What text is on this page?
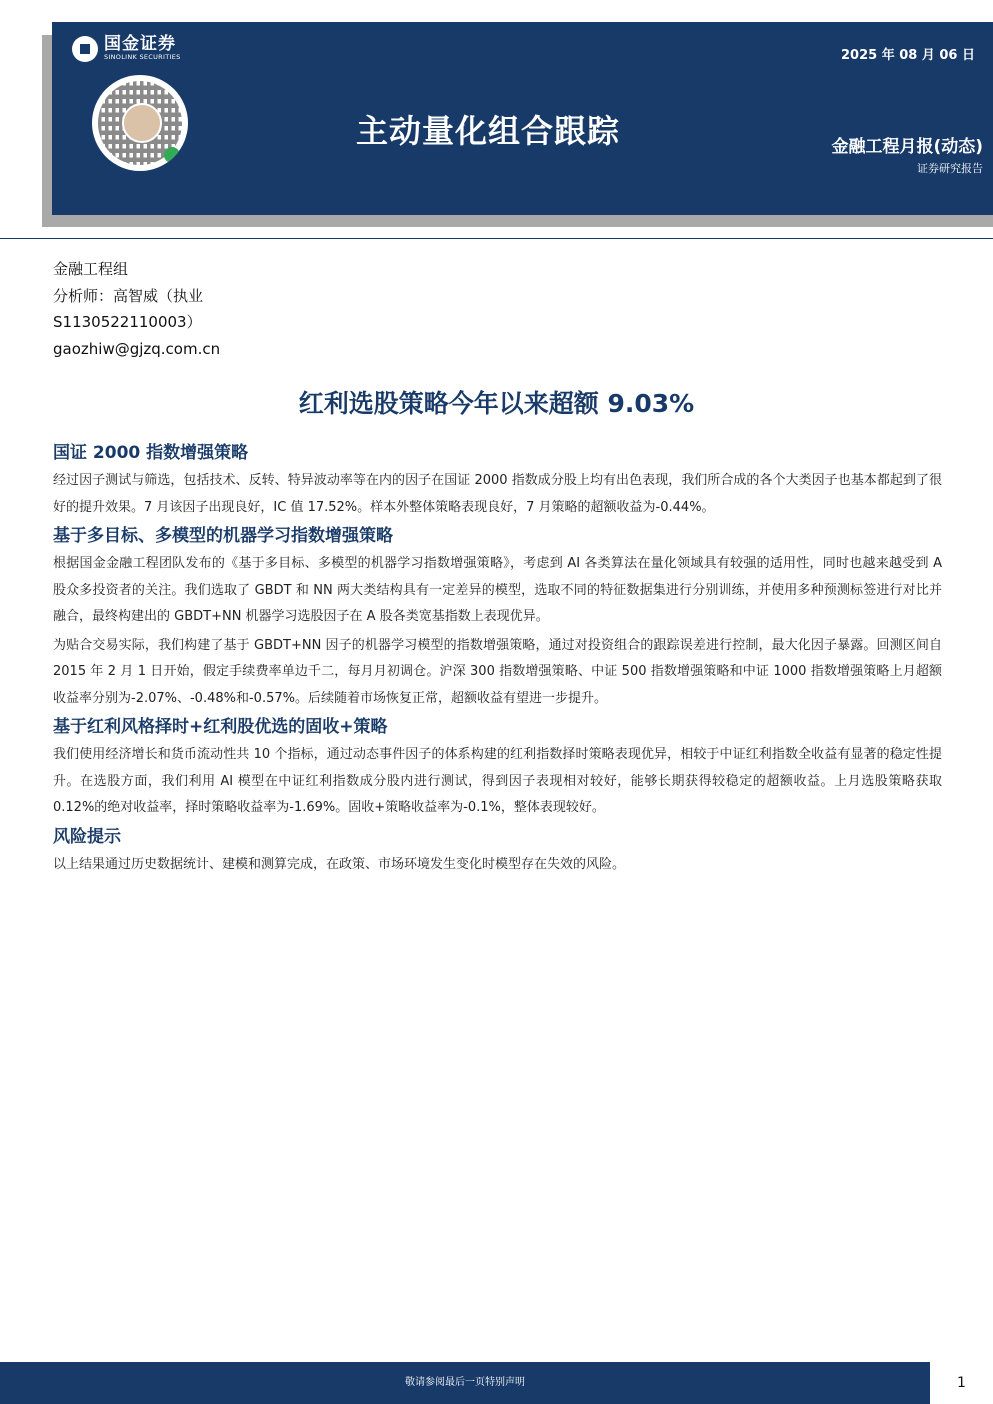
国金证券
SINOLINK SECURITIES	2025 年 08 月 06 日
主动量化组合跟踪	金融工程月报(动态)
证券研究报告
金融工程组
分析师：高智威（执业
S1130522110003）
gaozhiw@gjzq.com.cn
红利选股策略今年以来超额 9.03%
国证 2000 指数增强策略

经过因子测试与筛选，包括技术、反转、特异波动率等在内的因子在国证 2000 指数成分股上均有出色表现，我们所合成的各个大类因子也基本都起到了很好的提升效果。7 月该因子出现良好，IC 值 17.52%。样本外整体策略表现良好，7 月策略的超额收益为-0.44%。

基于多目标、多模型的机器学习指数增强策略

根据国金金融工程团队发布的《基于多目标、多模型的机器学习指数增强策略》，考虑到 AI 各类算法在量化领域具有较强的适用性，同时也越来越受到 A 股众多投资者的关注。我们选取了 GBDT 和 NN 两大类结构具有一定差异的模型，选取不同的特征数据集进行分别训练，并使用多种预测标签进行对比并融合，最终构建出的 GBDT+NN 机器学习选股因子在 A 股各类宽基指数上表现优异。

为贴合交易实际，我们构建了基于 GBDT+NN 因子的机器学习模型的指数增强策略，通过对投资组合的跟踪误差进行控制，最大化因子暴露。回测区间自 2015 年 2 月 1 日开始，假定手续费率单边千二，每月月初调仓。沪深 300 指数增强策略、中证 500 指数增强策略和中证 1000 指数增强策略上月超额收益率分别为-2.07%、-0.48%和-0.57%。后续随着市场恢复正常，超额收益有望进一步提升。

基于红利风格择时+红利股优选的固收+策略

我们使用经济增长和货币流动性共 10 个指标，通过动态事件因子的体系构建的红利指数择时策略表现优异，相较于中证红利指数全收益有显著的稳定性提升。在选股方面，我们利用 AI 模型在中证红利指数成分股内进行测试，得到因子表现相对较好，能够长期获得较稳定的超额收益。上月选股策略获取 0.12%的绝对收益率，择时策略收益率为-1.69%。固收+策略收益率为-0.1%，整体表现较好。

风险提示

以上结果通过历史数据统计、建模和测算完成，在政策、市场环境发生变化时模型存在失效的风险。

敬请参阅最后一页特别声明	1
